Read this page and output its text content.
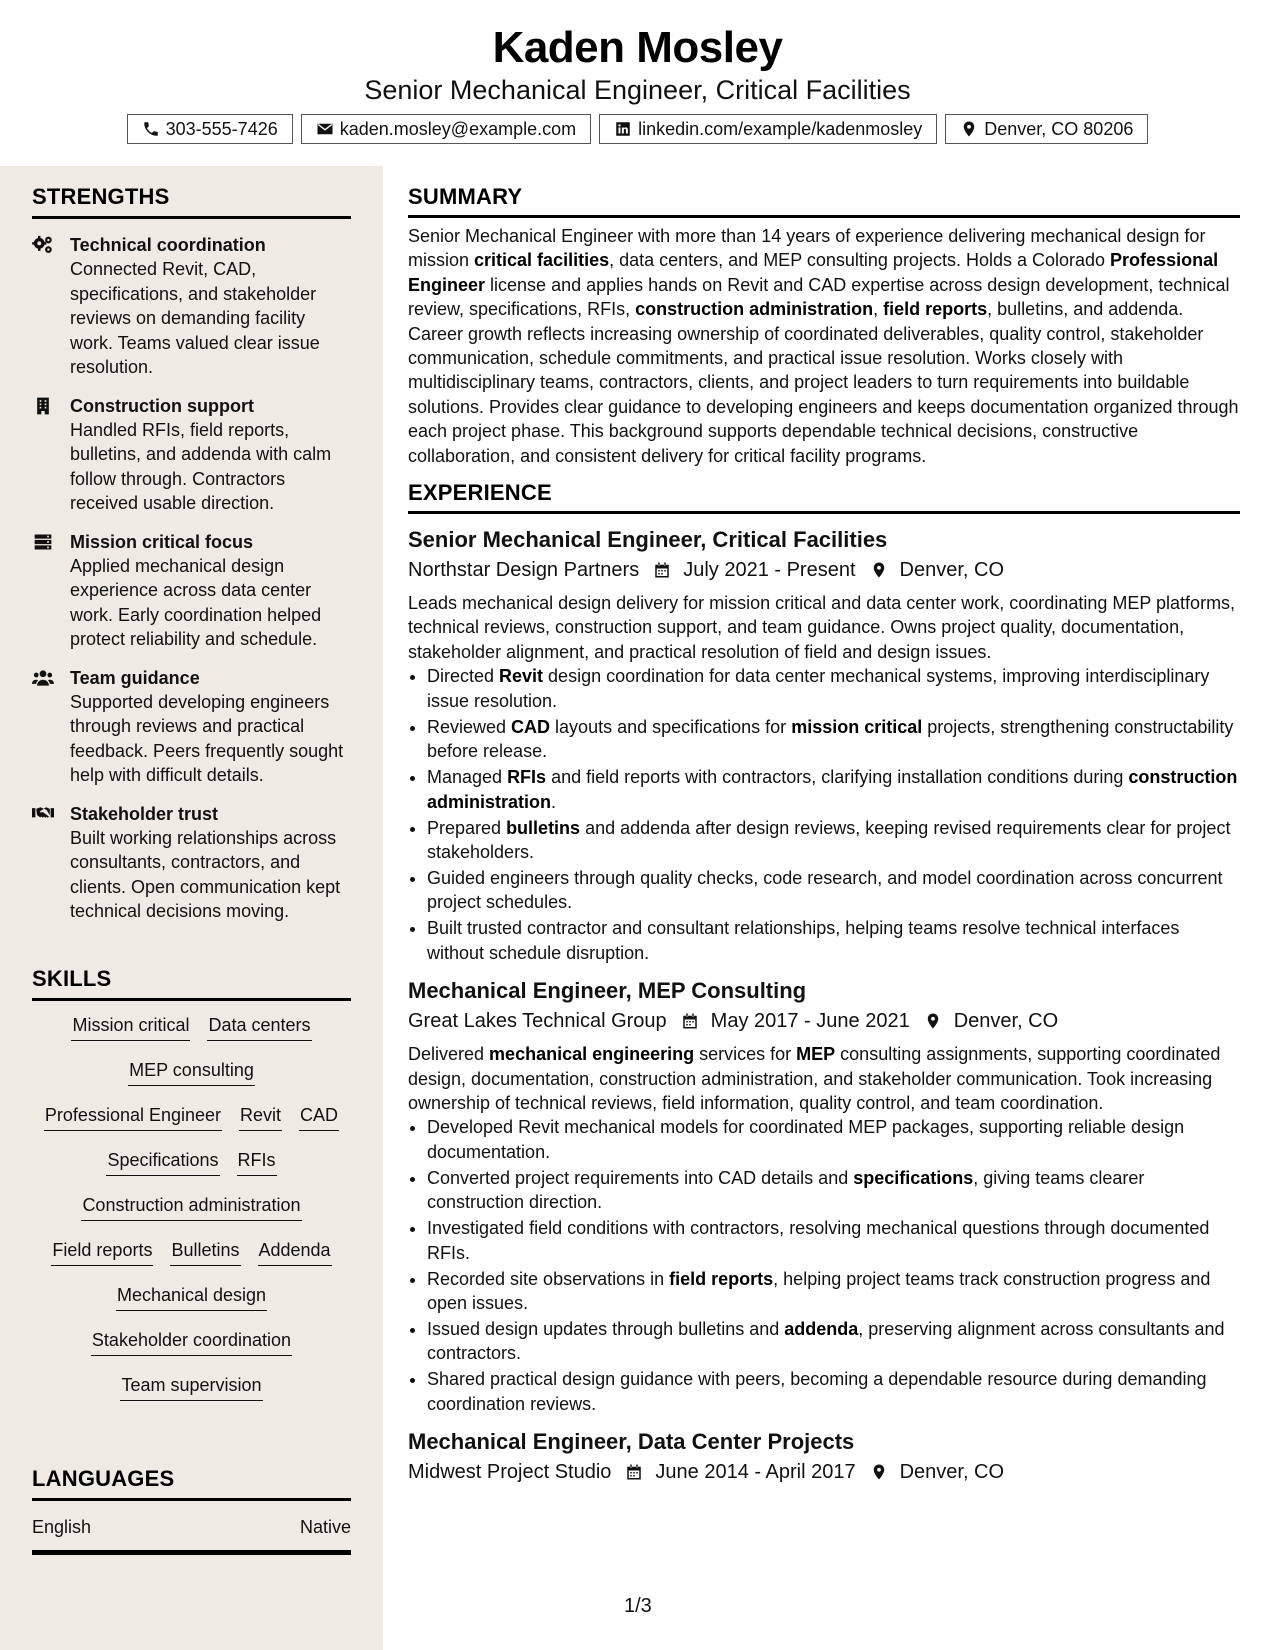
Kaden Mosley
Senior Mechanical Engineer, Critical Facilities
303-555-7426	kaden.mosley@example.com	linkedin.com/example/kadenmosley	Denver, CO 80206
STRENGTHS
Technical coordination
Connected Revit, CAD, specifications, and stakeholder reviews on demanding facility work. Teams valued clear issue resolution.
Construction support
Handled RFIs, field reports, bulletins, and addenda with calm follow through. Contractors received usable direction.
Mission critical focus
Applied mechanical design experience across data center work. Early coordination helped protect reliability and schedule.
Team guidance
Supported developing engineers through reviews and practical feedback. Peers frequently sought help with difficult details.
Stakeholder trust
Built working relationships across consultants, contractors, and clients. Open communication kept technical decisions moving.
SKILLS
Mission critical Data centers
MEP consulting
Professional Engineer Revit CAD
Specifications RFIs
Construction administration
Field reports Bulletins Addenda
Mechanical design
Stakeholder coordination
Team supervision
LANGUAGES
English	Native
SUMMARY

Senior Mechanical Engineer with more than 14 years of experience delivering mechanical design for mission critical facilities, data centers, and MEP consulting projects. Holds a Colorado Professional Engineer license and applies hands on Revit and CAD expertise across design development, technical review, specifications, RFIs, construction administration, field reports, bulletins, and addenda. Career growth reflects increasing ownership of coordinated deliverables, quality control, stakeholder communication, schedule commitments, and practical issue resolution. Works closely with multidisciplinary teams, contractors, clients, and project leaders to turn requirements into buildable solutions. Provides clear guidance to developing engineers and keeps documentation organized through each project phase. This background supports dependable technical decisions, constructive collaboration, and consistent delivery for critical facility programs.

EXPERIENCE
Senior Mechanical Engineer, Critical Facilities
Northstar Design Partners July 2021 - Present Denver, CO

Leads mechanical design delivery for mission critical and data center work, coordinating MEP platforms, technical reviews, construction support, and team guidance. Owns project quality, documentation, stakeholder alignment, and practical resolution of field and design issues.

• Directed Revit design coordination for data center mechanical systems, improving interdisciplinary issue resolution.
• Reviewed CAD layouts and specifications for mission critical projects, strengthening constructability before release.
• Managed RFIs and field reports with contractors, clarifying installation conditions during construction administration.
• Prepared bulletins and addenda after design reviews, keeping revised requirements clear for project stakeholders.
• Guided engineers through quality checks, code research, and model coordination across concurrent project schedules.
• Built trusted contractor and consultant relationships, helping teams resolve technical interfaces without schedule disruption.
Mechanical Engineer, MEP Consulting
Great Lakes Technical Group May 2017 - June 2021 Denver, CO

Delivered mechanical engineering services for MEP consulting assignments, supporting coordinated design, documentation, construction administration, and stakeholder communication. Took increasing ownership of technical reviews, field information, quality control, and team coordination.

• Developed Revit mechanical models for coordinated MEP packages, supporting reliable design documentation.
• Converted project requirements into CAD details and specifications, giving teams clearer construction direction.
• Investigated field conditions with contractors, resolving mechanical questions through documented RFIs.
• Recorded site observations in field reports, helping project teams track construction progress and open issues.
• Issued design updates through bulletins and addenda, preserving alignment across consultants and contractors.
• Shared practical design guidance with peers, becoming a dependable resource during demanding coordination reviews.
Mechanical Engineer, Data Center Projects
Midwest Project Studio June 2014 - April 2017 Denver, CO
1/3
